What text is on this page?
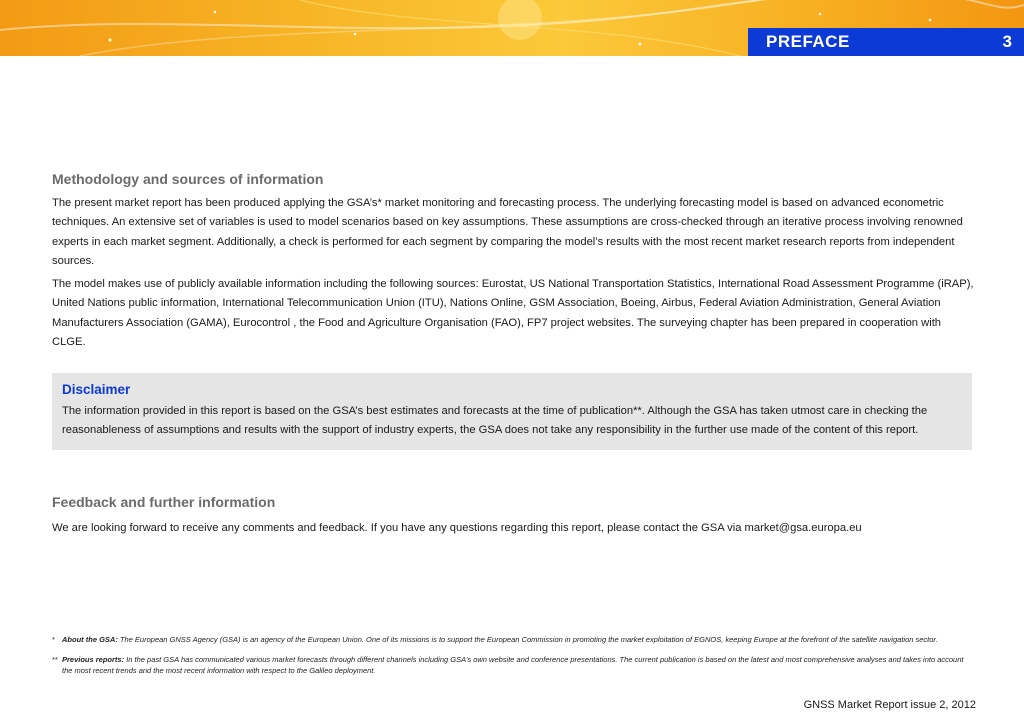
PREFACE	3
Methodology and sources of information

The present market report has been produced applying the GSA’s* market monitoring and forecasting process. The underlying forecasting model is based on advanced econometric techniques. An extensive set of variables is used to model scenarios based on key assumptions. These assumptions are cross-checked through an iterative process involving renowned experts in each market segment. Additionally, a check is performed for each segment by comparing the model’s results with the most recent market research reports from independent sources.

The model makes use of publicly available information including the following sources: Eurostat, US National Transportation Statistics, International Road Assessment Programme (iRAP), United Nations public information, International Telecommunication Union (ITU), Nations Online, GSM Association, Boeing, Airbus, Federal Aviation Administration, General Aviation Manufacturers Association (GAMA), Eurocontrol , the Food and Agriculture Organisation (FAO), FP7 project websites. The surveying chapter has been prepared in cooperation with CLGE.

Disclaimer

The information provided in this report is based on the GSA’s best estimates and forecasts at the time of publication**. Although the GSA has taken utmost care in checking the reasonableness of assumptions and results with the support of industry experts, the GSA does not take any responsibility in the further use made of the content of this report.

Feedback and further information

We are looking forward to receive any comments and feedback. If you have any questions regarding this report, please contact the GSA via market@gsa.europa.eu

* About the GSA: The European GNSS Agency (GSA) is an agency of the European Union. One of its missions is to support the European Commission in promoting the market exploitation of EGNOS, keeping Europe at the forefront of the satellite navigation sector.

** Previous reports: In the past GSA has communicated various market forecasts through different channels including GSA’s own website and conference presentations. The current publication is based on the latest and most comprehensive analyses and takes into account
the most recent trends and the most recent information with respect to the Galileo deployment.

GNSS Market Report issue 2, 2012
